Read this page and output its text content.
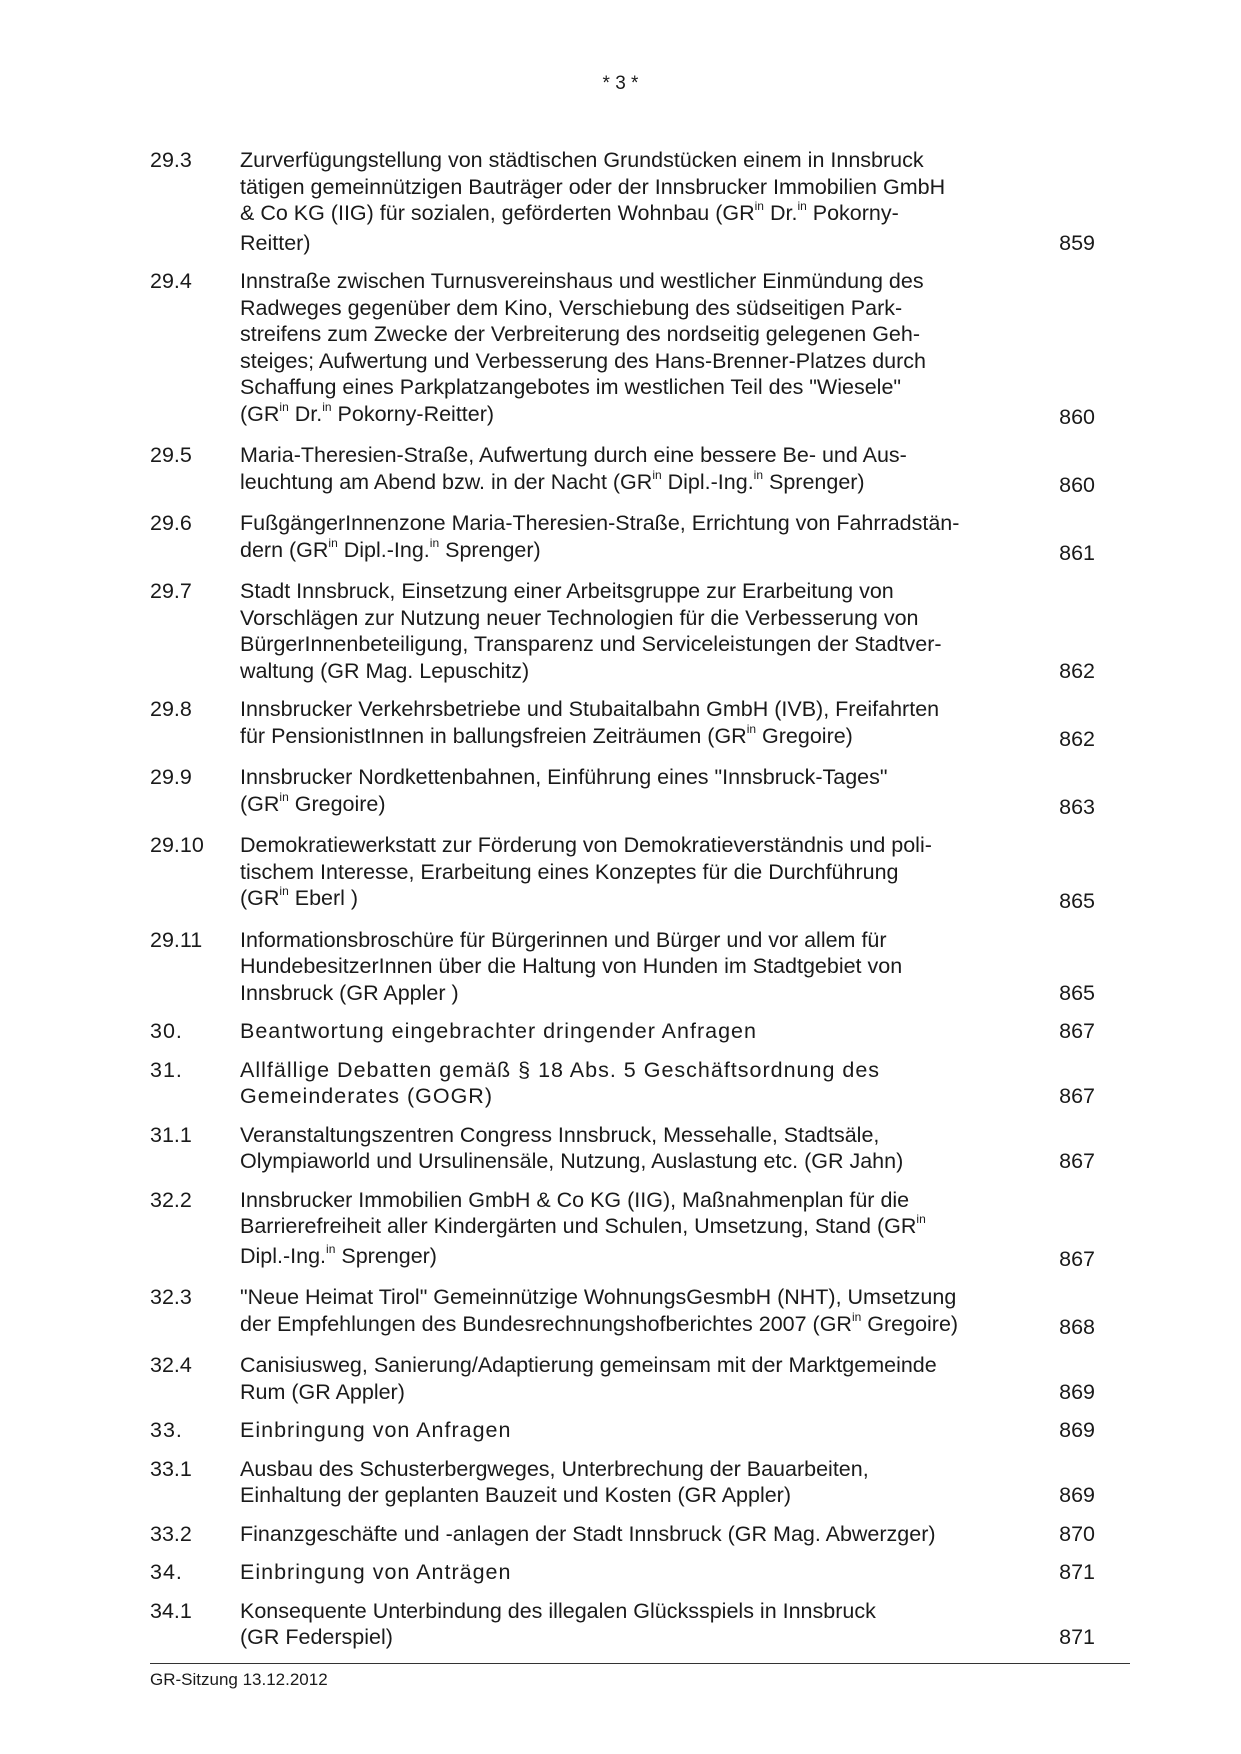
* 3 *
29.3	Zurverfügungstellung von städtischen Grundstücken einem in Innsbruck
tätigen gemeinnützigen Bauträger oder der Innsbrucker Immobilien GmbH
& Co KG (IIG) für sozialen, geförderten Wohnbau ($GR^{in}$ Dr.$^{in}$ Pokorny-
Reitter)	859
29.4	Innstraße zwischen Turnusvereinshaus und westlicher Einmündung des
Radweges gegenüber dem Kino, Verschiebung des südseitigen Park-
streifens zum Zwecke der Verbreiterung des nordseitig gelegenen Geh-
steiges; Aufwertung und Verbesserung des Hans-Brenner-Platzes durch
Schaffung eines Parkplatzangebotes im westlichen Teil des "Wiesele"
($GR^{in}$ Dr.$^{in}$ Pokorny-Reitter)	860
29.5	Maria-Theresien-Straße, Aufwertung durch eine bessere Be- und Aus-
leuchtung am Abend bzw. in der Nacht ($GR^{in}$ Dipl.-Ing.$^{in}$ Sprenger)	860
29.6	FußgängerInnenzone Maria-Theresien-Straße, Errichtung von Fahrradstän-
dern ($GR^{in}$ Dipl.-Ing.$^{in}$ Sprenger)	861
29.7	Stadt Innsbruck, Einsetzung einer Arbeitsgruppe zur Erarbeitung von
Vorschlägen zur Nutzung neuer Technologien für die Verbesserung von
BürgerInnenbeteiligung, Transparenz und Serviceleistungen der Stadtver-
waltung (GR Mag. Lepuschitz)	862
29.8	Innsbrucker Verkehrsbetriebe und Stubaitalbahn GmbH (IVB), Freifahrten
für PensionistInnen in ballungsfreien Zeiträumen ($GR^{in}$ Gregoire)	862
29.9	Innsbrucker Nordkettenbahnen, Einführung eines "Innsbruck-Tages"
($GR^{in}$ Gregoire)	863
29.10	Demokratiewerkstatt zur Förderung von Demokratieverständnis und poli-
tischem Interesse, Erarbeitung eines Konzeptes für die Durchführung
($GR^{in}$ Eberl )	865
29.11	Informationsbroschüre für Bürgerinnen und Bürger und vor allem für
HundebesitzerInnen über die Haltung von Hunden im Stadtgebiet von
Innsbruck (GR Appler )	865
30.	Beantwortung eingebrachter dringender Anfragen	867
31.	Allfällige Debatten gemäß § 18 Abs. 5 Geschäftsordnung des
Gemeinderates (GOGR)	867
31.1	Veranstaltungszentren Congress Innsbruck, Messehalle, Stadtsäle,
Olympiaworld und Ursulinensäle, Nutzung, Auslastung etc. (GR Jahn)	867
32.2	Innsbrucker Immobilien GmbH & Co KG (IIG), Maßnahmenplan für die
Barrierefreiheit aller Kindergärten und Schulen, Umsetzung, Stand ($GR^{in}$
Dipl.-Ing.$^{in}$ Sprenger)	867
32.3	"Neue Heimat Tirol" Gemeinnützige WohnungsGesmbH (NHT), Umsetzung
der Empfehlungen des Bundesrechnungshofberichtes 2007 ($GR^{in}$ Gregoire)	868
32.4	Canisiusweg, Sanierung/Adaptierung gemeinsam mit der Marktgemeinde
Rum (GR Appler)	869
33.	Einbringung von Anfragen	869
33.1	Ausbau des Schusterbergweges, Unterbrechung der Bauarbeiten,
Einhaltung der geplanten Bauzeit und Kosten (GR Appler)	869
33.2	Finanzgeschäfte und -anlagen der Stadt Innsbruck (GR Mag. Abwerzger)	870
34.	Einbringung von Anträgen	871
34.1	Konsequente Unterbindung des illegalen Glücksspiels in Innsbruck
(GR Federspiel)	871
GR-Sitzung 13.12.2012
